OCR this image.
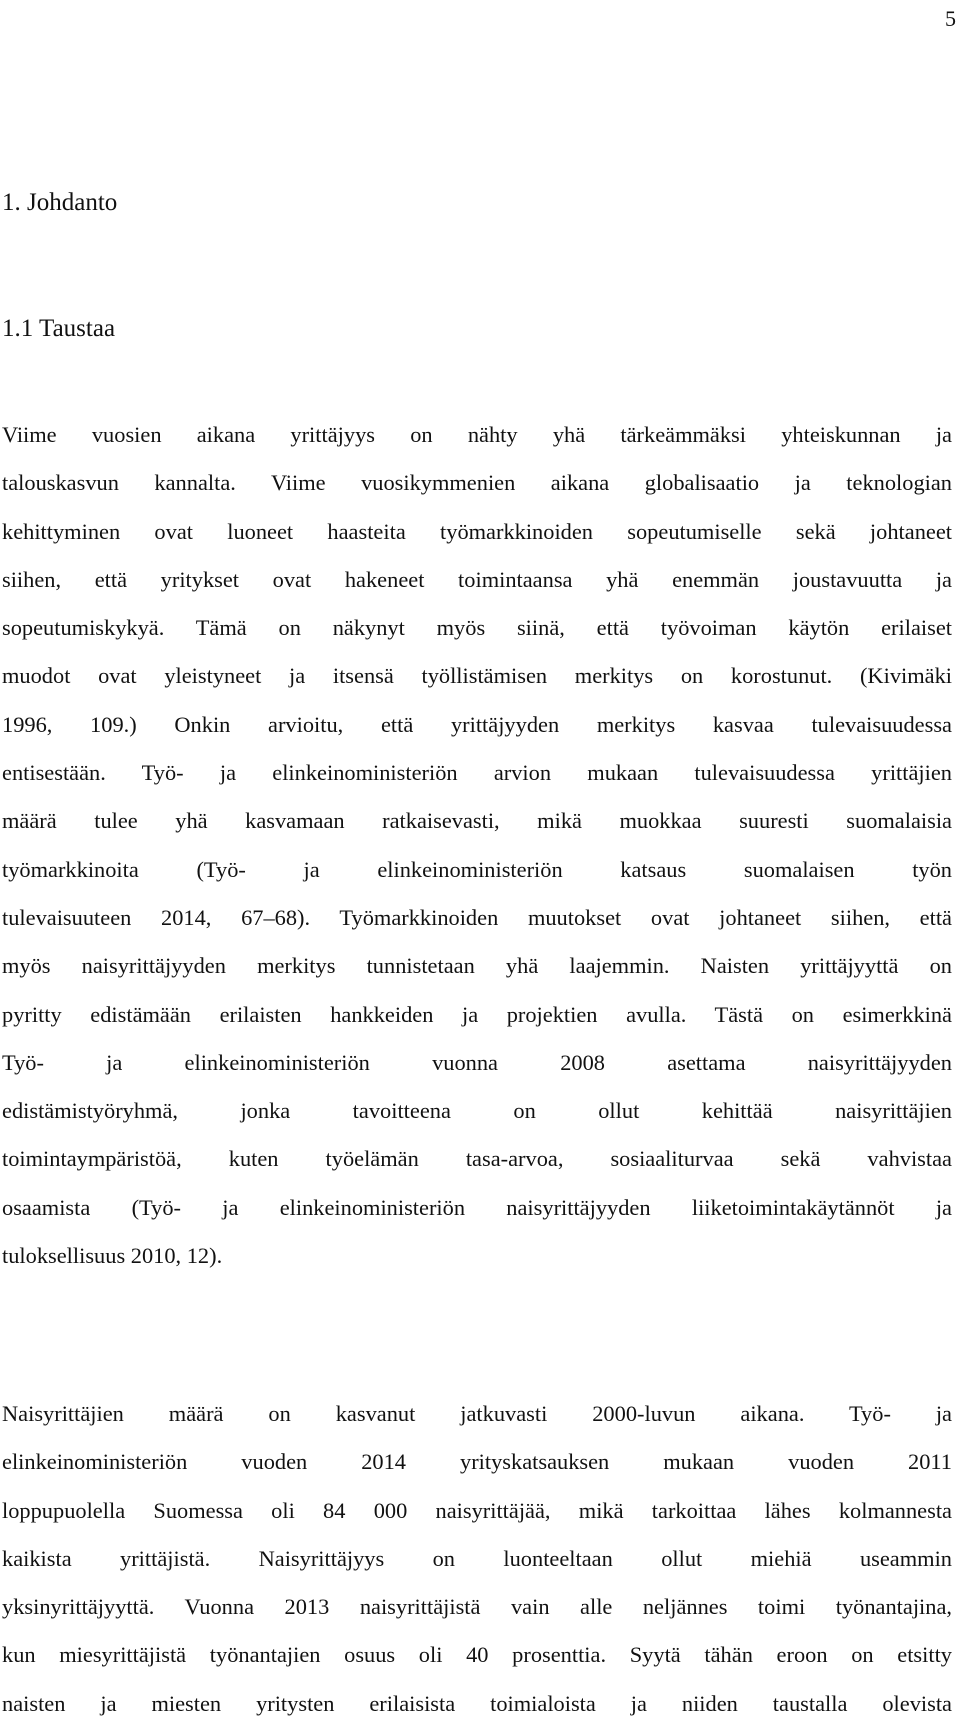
5
1. Johdanto
1.1 Taustaa
Viime vuosien aikana yrittäjyys on nähty yhä tärkeämmäksi yhteiskunnan ja
talouskasvun kannalta. Viime vuosikymmenien aikana globalisaatio ja teknologian
kehittyminen ovat luoneet haasteita työmarkkinoiden sopeutumiselle sekä johtaneet
siihen, että yritykset ovat hakeneet toimintaansa yhä enemmän joustavuutta ja
sopeutumiskykyä. Tämä on näkynyt myös siinä, että työvoiman käytön erilaiset
muodot ovat yleistyneet ja itsensä työllistämisen merkitys on korostunut. (Kivimäki
1996, 109.) Onkin arvioitu, että yrittäjyyden merkitys kasvaa tulevaisuudessa
entisestään. Työ- ja elinkeinoministeriön arvion mukaan tulevaisuudessa yrittäjien
määrä tulee yhä kasvamaan ratkaisevasti, mikä muokkaa suuresti suomalaisia
työmarkkinoita (Työ- ja elinkeinoministeriön katsaus suomalaisen työn
tulevaisuuteen 2014, 67–68). Työmarkkinoiden muutokset ovat johtaneet siihen, että
myös naisyrittäjyyden merkitys tunnistetaan yhä laajemmin. Naisten yrittäjyyttä on
pyritty edistämään erilaisten hankkeiden ja projektien avulla. Tästä on esimerkkinä
Työ- ja elinkeinoministeriön vuonna 2008 asettama naisyrittäjyyden
edistämistyöryhmä, jonka tavoitteena on ollut kehittää naisyrittäjien
toimintaympäristöä, kuten työelämän tasa-arvoa, sosiaaliturvaa sekä vahvistaa
osaamista (Työ- ja elinkeinoministeriön naisyrittäjyyden liiketoimintakäytännöt ja
tuloksellisuus 2010, 12).
Naisyrittäjien määrä on kasvanut jatkuvasti 2000-luvun aikana. Työ- ja
elinkeinoministeriön vuoden 2014 yrityskatsauksen mukaan vuoden 2011
loppupuolella Suomessa oli 84 000 naisyrittäjää, mikä tarkoittaa lähes kolmannesta
kaikista yrittäjistä. Naisyrittäjyys on luonteeltaan ollut miehiä useammin
yksinyrittäjyyttä. Vuonna 2013 naisyrittäjistä vain alle neljännes toimi työnantajina,
kun miesyrittäjistä työnantajien osuus oli 40 prosenttia. Syytä tähän eroon on etsitty
naisten ja miesten yritysten erilaisista toimialoista ja niiden taustalla olevista
